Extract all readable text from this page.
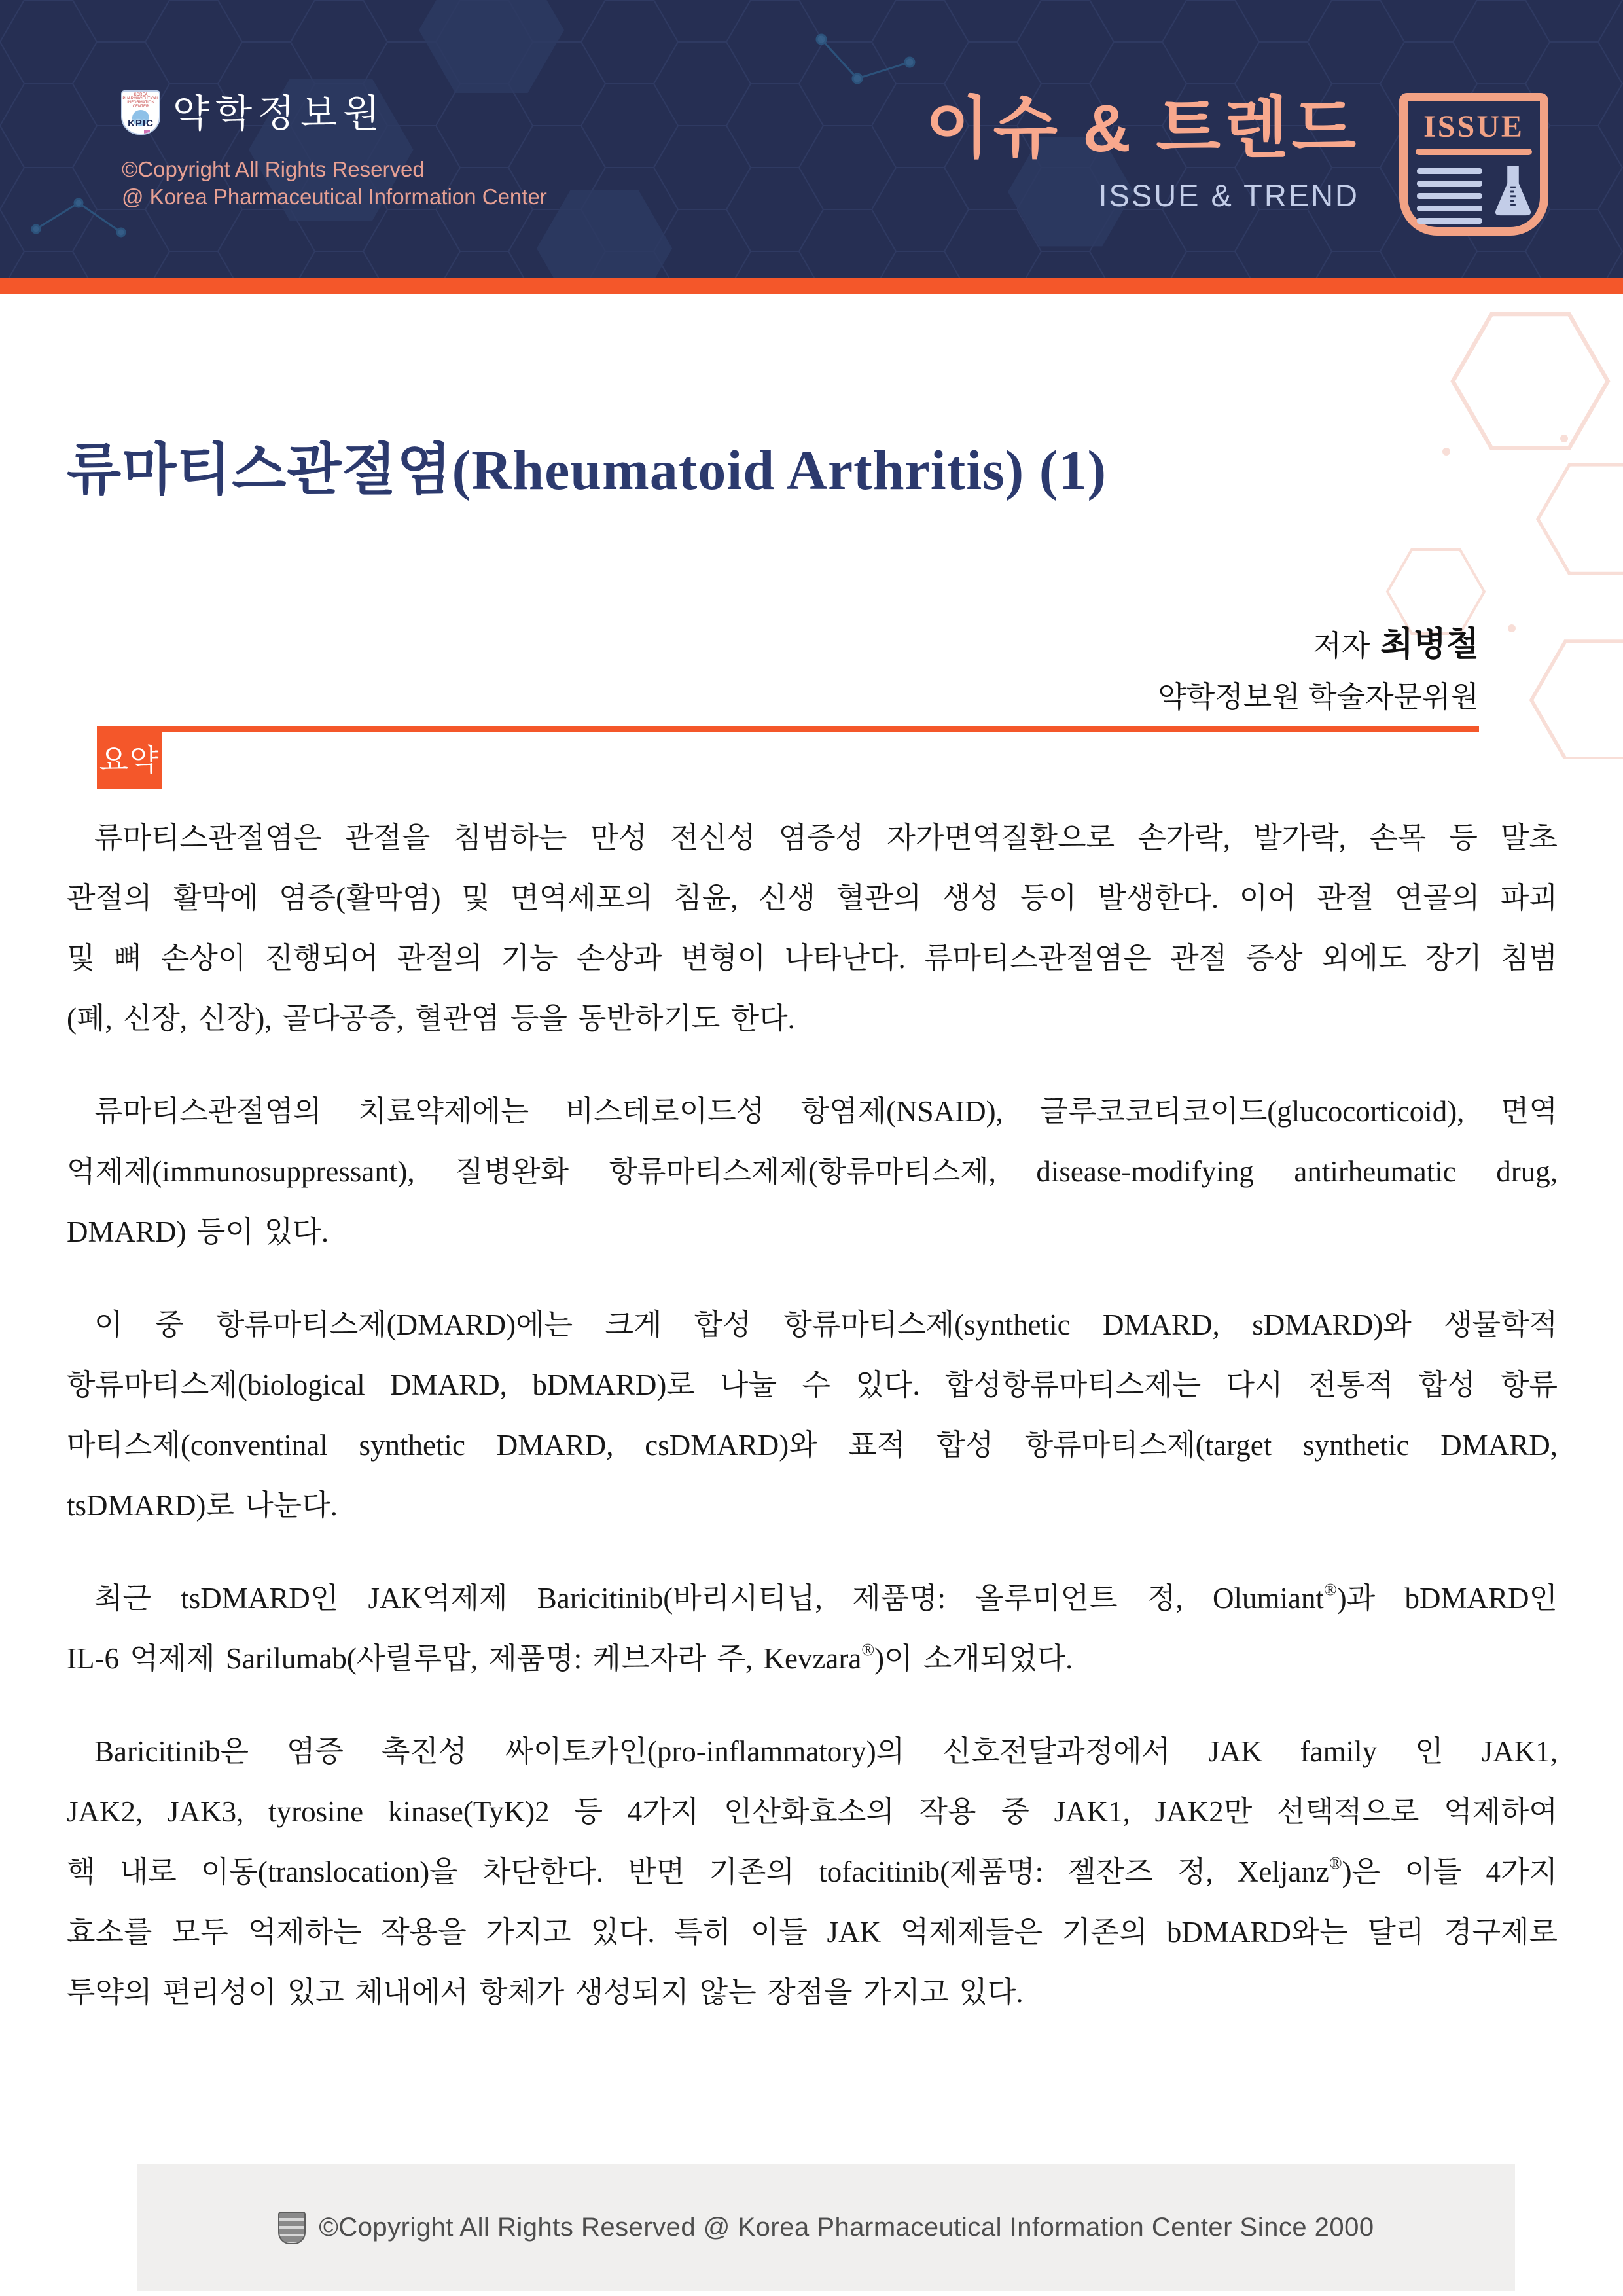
KOREA PHARMACEUTICAL INFORMATION CENTER
KPIC 약학정보원
©Copyright All Rights Reserved
@ Korea Pharmaceutical Information Center
이슈 & 트렌드
ISSUE & TREND
ISSUE
류마티스관절염(Rheumatoid Arthritis) (1)
저자 최병철
약학정보원 학술자문위원
요약
류마티스관절염은 관절을 침범하는 만성 전신성 염증성 자가면역질환으로 손가락, 발가락, 손목 등 말초
관절의 활막에 염증(활막염) 및 면역세포의 침윤, 신생 혈관의 생성 등이 발생한다. 이어 관절 연골의 파괴
및 뼈 손상이 진행되어 관절의 기능 손상과 변형이 나타난다. 류마티스관절염은 관절 증상 외에도 장기 침범
(폐, 신장, 신장), 골다공증, 혈관염 등을 동반하기도 한다.
류마티스관절염의 치료약제에는 비스테로이드성 항염제(NSAID), 글루코코티코이드(glucocorticoid), 면역
억제제(immunosuppressant), 질병완화 항류마티스제제(항류마티스제, disease-modifying antirheumatic drug,
DMARD) 등이 있다.
이 중 항류마티스제(DMARD)에는 크게 합성 항류마티스제(synthetic DMARD, sDMARD)와 생물학적
항류마티스제(biological DMARD, bDMARD)로 나눌 수 있다. 합성항류마티스제는 다시 전통적 합성 항류
마티스제(conventinal synthetic DMARD, csDMARD)와 표적 합성 항류마티스제(target synthetic DMARD,
tsDMARD)로 나눈다.
최근 tsDMARD인 JAK억제제 Baricitinib(바리시티닙, 제품명: 올루미언트 정, Olumiant®)과 bDMARD인
IL-6 억제제 Sarilumab(사릴루맙, 제품명: 케브자라 주, Kevzara®)이 소개되었다.
Baricitinib은 염증 촉진성 싸이토카인(pro-inflammatory)의 신호전달과정에서 JAK family 인 JAK1,
JAK2, JAK3, tyrosine kinase(TyK)2 등 4가지 인산화효소의 작용 중 JAK1, JAK2만 선택적으로 억제하여
핵 내로 이동(translocation)을 차단한다. 반면 기존의 tofacitinib(제품명: 젤잔즈 정, Xeljanz®)은 이들 4가지
효소를 모두 억제하는 작용을 가지고 있다. 특히 이들 JAK 억제제들은 기존의 bDMARD와는 달리 경구제로
투약의 편리성이 있고 체내에서 항체가 생성되지 않는 장점을 가지고 있다.
©Copyright All Rights Reserved @ Korea Pharmaceutical Information Center Since 2000
